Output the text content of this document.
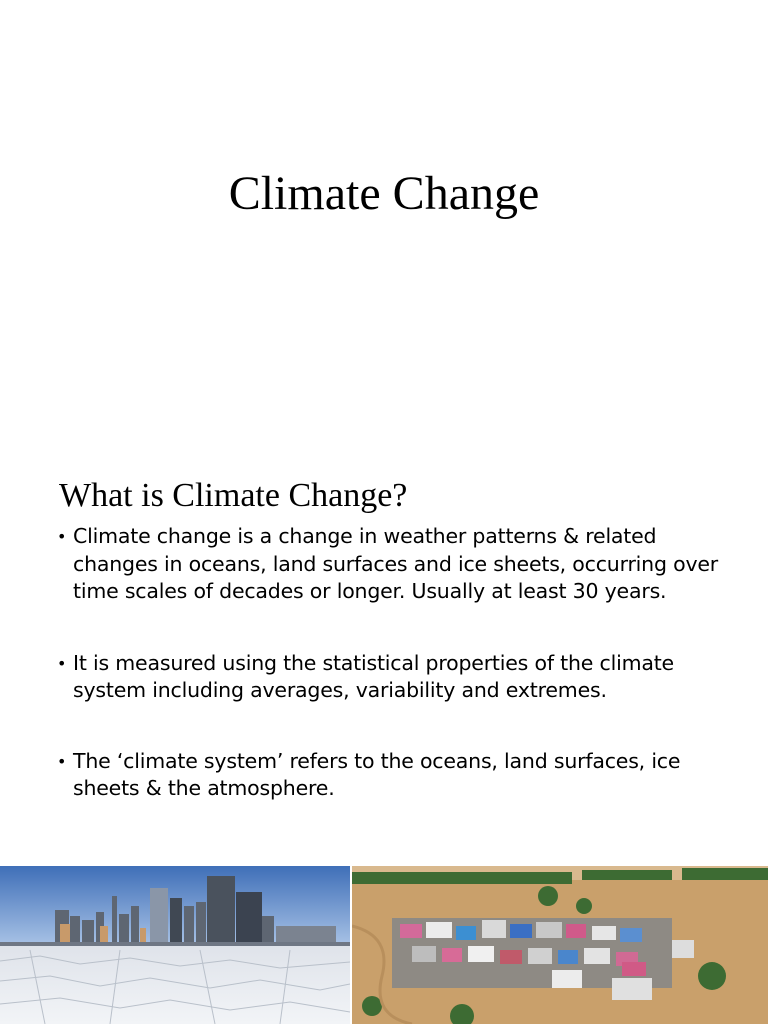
Climate Change
What is Climate Change?
• Climate change is a change in weather patterns & related changes in oceans, land surfaces and ice sheets, occurring over time scales of decades or longer. Usually at least 30 years.
• It is measured using the statistical properties of the climate system including averages, variability and extremes.
• The ‘climate system’ refers to the oceans, land surfaces, ice sheets & the atmosphere.
